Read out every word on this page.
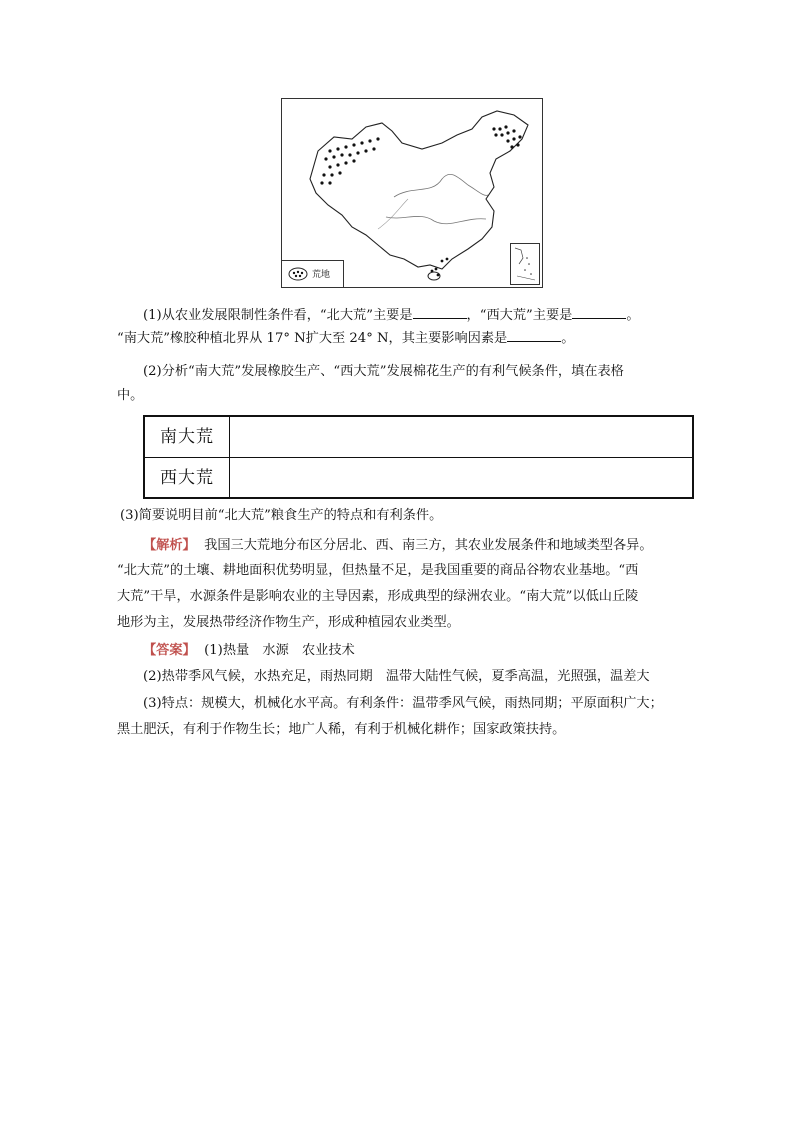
荒地
(1)从农业发展限制性条件看，“北大荒”主要是	，“西大荒”主要是	。
“南大荒”橡胶种植北界从 17° N扩大至 24° N，其主要影响因素是	。
(2)分析“南大荒”发展橡胶生产、“西大荒”发展棉花生产的有利气候条件，填在表格
中。
南大荒
西大荒
(3)简要说明目前“北大荒”粮食生产的特点和有利条件。
【解析】 我国三大荒地分布区分居北、西、南三方，其农业发展条件和地域类型各异。
“北大荒”的土壤、耕地面积优势明显，但热量不足，是我国重要的商品谷物农业基地。“西
大荒”干旱，水源条件是影响农业的主导因素，形成典型的绿洲农业。“南大荒”以低山丘陵
地形为主，发展热带经济作物生产，形成种植园农业类型。
【答案】 (1)热量　水源　农业技术
(2)热带季风气候，水热充足，雨热同期　温带大陆性气候，夏季高温，光照强，温差大
(3)特点：规模大，机械化水平高。有利条件：温带季风气候，雨热同期；平原面积广大；
黑土肥沃，有利于作物生长；地广人稀，有利于机械化耕作；国家政策扶持。
